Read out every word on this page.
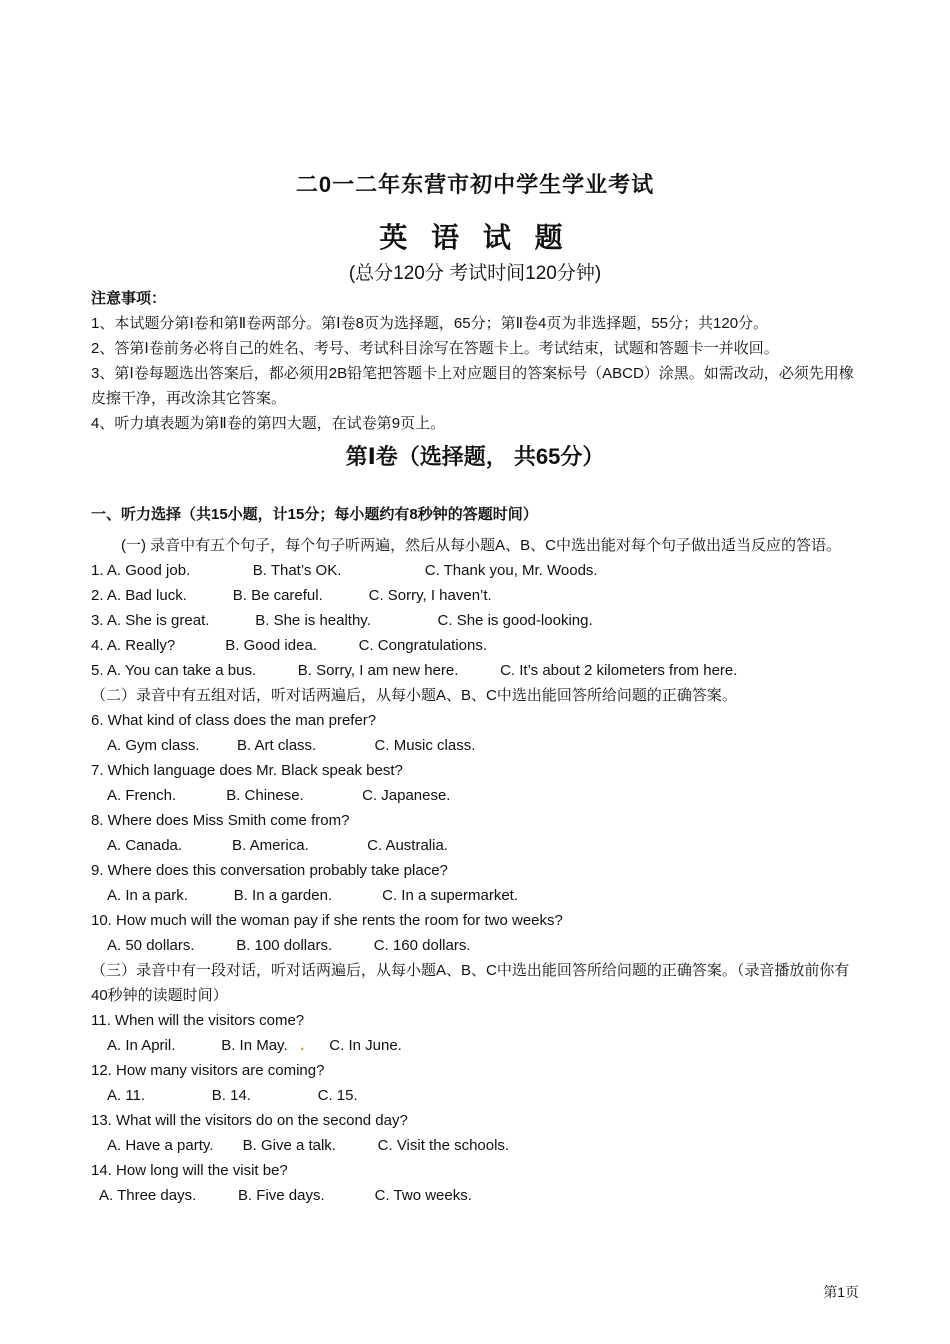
二0一二年东营市初中学生学业考试
英 语 试 题
(总分120分 考试时间120分钟)

注意事项：

1、本试题分第Ⅰ卷和第Ⅱ卷两部分。第Ⅰ卷8页为选择题，65分；第Ⅱ卷4页为非选择题，55分；共120分。

2、答第Ⅰ卷前务必将自己的姓名、考号、考试科目涂写在答题卡上。考试结束，试题和答题卡一并收回。

3、第Ⅰ卷每题选出答案后，都必须用2B铅笔把答题卡上对应题目的答案标号（ABCD）涂黑。如需改动，必须先用橡皮擦干净，再改涂其它答案。

4、听力填表题为第Ⅱ卷的第四大题，在试卷第9页上。

第Ⅰ卷（选择题， 共65分）

一、听力选择（共15小题，计15分；每小题约有8秒钟的答题时间）

(一) 录音中有五个句子，每个句子听两遍，然后从每小题A、B、C中选出能对每个句子做出适当反应的答语。

1. A. Good job.               B. That’s OK.                    C. Thank you, Mr. Woods.

2. A. Bad luck.           B. Be careful.           C. Sorry, I haven’t.

3. A. She is great.           B. She is healthy.                C. She is good-looking.

4. A. Really?            B. Good idea.          C. Congratulations.

5. A. You can take a bus.          B. Sorry, I am new here.          C. It’s about 2 kilometers from here.

（二）录音中有五组对话，听对话两遍后，从每小题A、B、C中选出能回答所给问题的正确答案。

6. What kind of class does the man prefer?

A. Gym class.         B. Art class.              C. Music class.

7. Which language does Mr. Black speak best?

A. French.            B. Chinese.              C. Japanese.

8. Where does Miss Smith come from?

A. Canada.            B. America.              C. Australia.

9. Where does this conversation probably take place?

A. In a park.           B. In a garden.            C. In a supermarket.

10. How much will the woman pay if she rents the room for two weeks?

A. 50 dollars.          B. 100 dollars.          C. 160 dollars.

（三）录音中有一段对话，听对话两遍后，从每小题A、B、C中选出能回答所给问题的正确答案。（录音播放前你有40秒钟的读题时间）

11. When will the visitors come?

A. In April.           B. In May.   .      C. In June.

12. How many visitors are coming?

A. 11.                B. 14.                C. 15.

13. What will the visitors do on the second day?

A. Have a party.       B. Give a talk.          C. Visit the schools.

14. How long will the visit be?

A. Three days.          B. Five days.            C. Two weeks.

第1页
